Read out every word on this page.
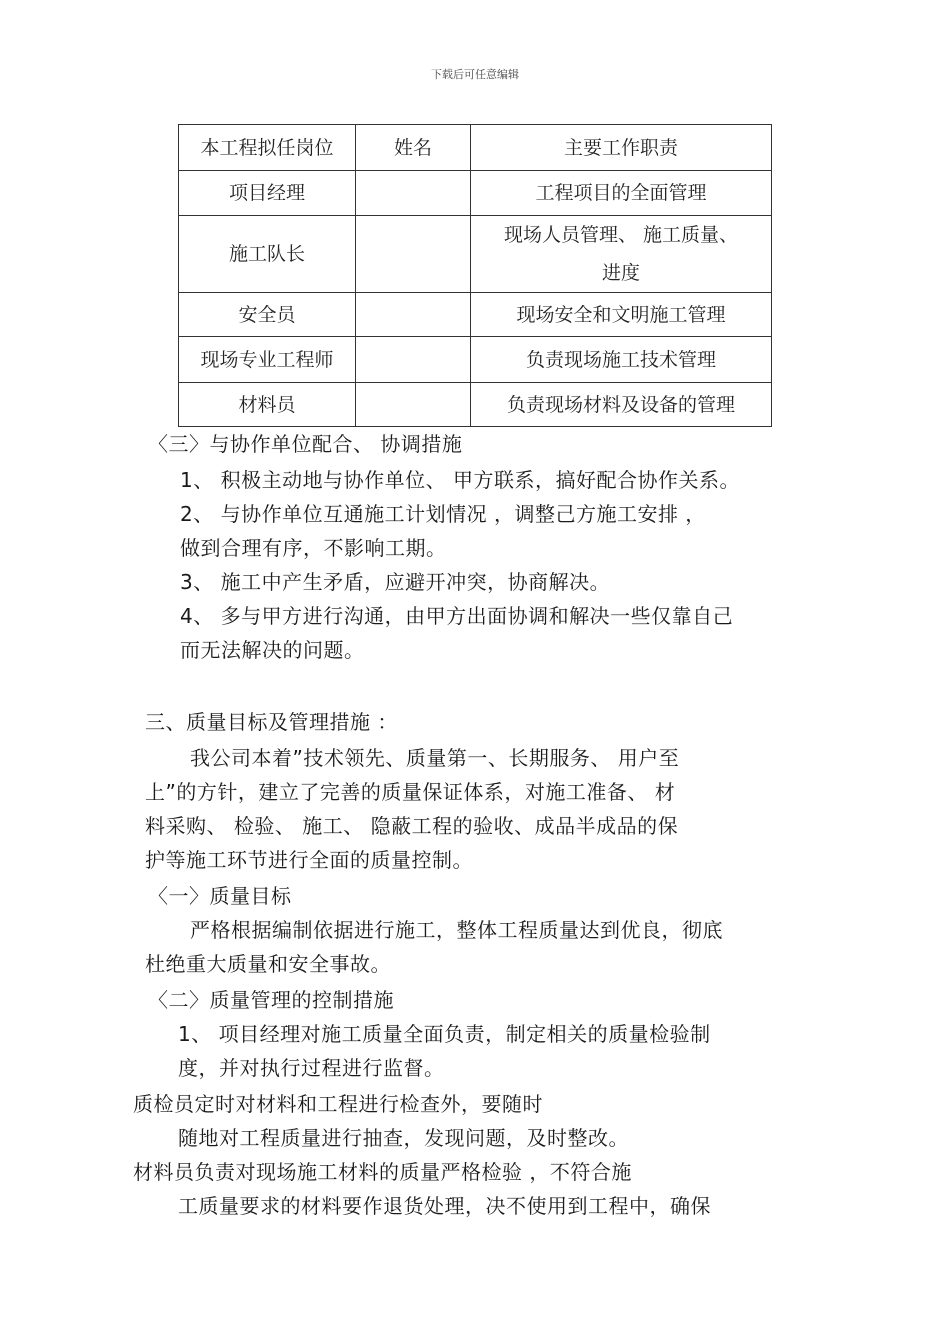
下载后可任意编辑
本工程拟任岗位	姓名	主要工作职责
项目经理		工程项目的全面管理
施工队长		现场人员管理、 施工质量、
进度

安全员		现场安全和文明施工管理
现场专业工程师		负责现场施工技术管理
材料员		负责现场材料及设备的管理
〈三〉与协作单位配合、 协调措施
1、 积极主动地与协作单位、 甲方联系，搞好配合协作关系。
2、 与协作单位互通施工计划情况 ，调整己方施工安排 ，
做到合理有序，不影响工期。
3、 施工中产生矛盾，应避开冲突，协商解决。
4、 多与甲方进行沟通，由甲方出面协调和解决一些仅靠自己
而无法解决的问题。
三、质量目标及管理措施 ：
我公司本着”技术领先、质量第一、长期服务、 用户至
上”的方针，建立了完善的质量保证体系，对施工准备、 材
料采购、 检验、 施工、 隐蔽工程的验收、成品半成品的保
护等施工环节进行全面的质量控制。
〈一〉质量目标
严格根据编制依据进行施工，整体工程质量达到优良，彻底
杜绝重大质量和安全事故。
〈二〉质量管理的控制措施
1、 项目经理对施工质量全面负责，制定相关的质量检验制
度，并对执行过程进行监督。
质检员定时对材料和工程进行检查外，要随时
随地对工程质量进行抽查，发现问题，及时整改。
材料员负责对现场施工材料的质量严格检验 ，不符合施
工质量要求的材料要作退货处理，决不使用到工程中，确保
